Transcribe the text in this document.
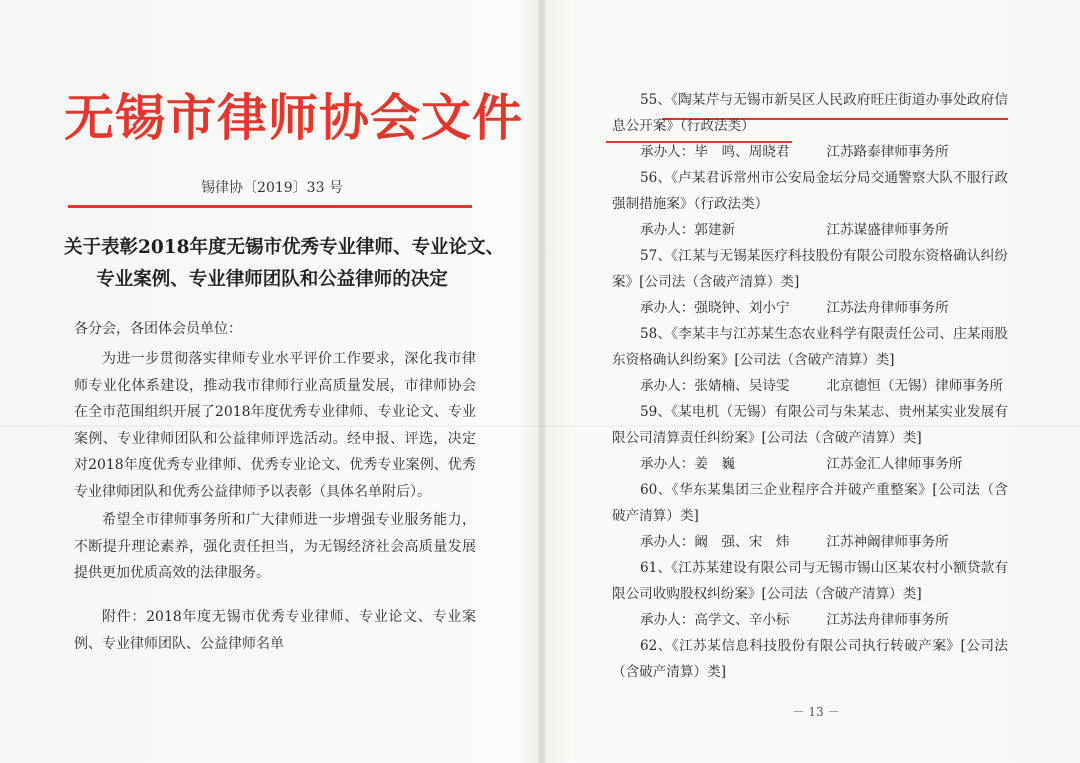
无锡市律师协会文件
锡律协〔2019〕33 号
关于表彰2018年度无锡市优秀专业律师、专业论文、
专业案例、专业律师团队和公益律师的决定
各分会，各团体会员单位：
为进一步贯彻落实律师专业水平评价工作要求，深化我市律师专业化体系建设，推动我市律师行业高质量发展，市律师协会在全市范围组织开展了2018年度优秀专业律师、专业论文、专业案例、专业律师团队和公益律师评选活动。经申报、评选，决定对2018年度优秀专业律师、优秀专业论文、优秀专业案例、优秀专业律师团队和优秀公益律师予以表彰（具体名单附后）。
希望全市律师事务所和广大律师进一步增强专业服务能力，不断提升理论素养，强化责任担当，为无锡经济社会高质量发展提供更加优质高效的法律服务。
附件：2018年度无锡市优秀专业律师、专业论文、专业案例、专业律师团队、公益律师名单
55、《陶某芹与无锡市新吴区人民政府旺庄街道办事处政府信息公开案》（行政法类）
承办人：毕　鸣、周晓君	江苏路泰律师事务所
56、《卢某君诉常州市公安局金坛分局交通警察大队不服行政强制措施案》（行政法类）
承办人：郭建新	江苏谋盛律师事务所
57、《江某与无锡某医疗科技股份有限公司股东资格确认纠纷案》[公司法（含破产清算）类]
承办人：强晓钟、刘小宁	江苏法舟律师事务所
58、《李某丰与江苏某生态农业科学有限责任公司、庄某雨股东资格确认纠纷案》[公司法（含破产清算）类]
承办人：张婧楠、吴诗雯	北京德恒（无锡）律师事务所
59、《某电机（无锡）有限公司与朱某志、贵州某实业发展有限公司清算责任纠纷案》[公司法（含破产清算）类]
承办人：姜　巍	江苏金汇人律师事务所
60、《华东某集团三企业程序合并破产重整案》[公司法（含破产清算）类]
承办人：阚　强、宋　炜	江苏神阚律师事务所
61、《江苏某建设有限公司与无锡市锡山区某农村小额贷款有限公司收购股权纠纷案》[公司法（含破产清算）类]
承办人：高学文、辛小标	江苏法舟律师事务所
62、《江苏某信息科技股份有限公司执行转破产案》[公司法（含破产清算）类]
－ 13 －
